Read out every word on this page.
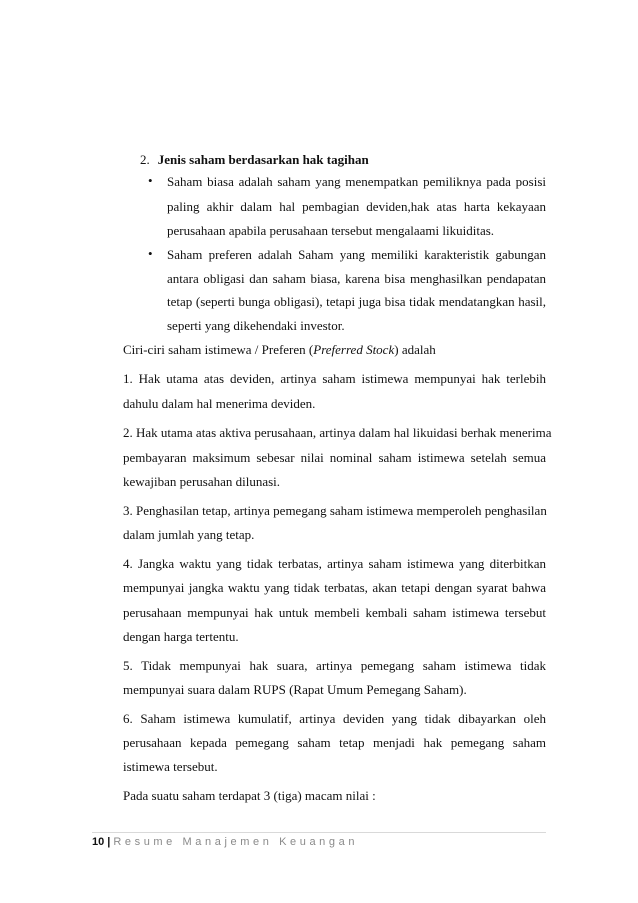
2. Jenis saham berdasarkan hak tagihan
• Saham biasa adalah saham yang menempatkan pemiliknya pada posisi
paling akhir dalam hal pembagian deviden,hak atas harta kekayaan
perusahaan apabila perusahaan tersebut mengalaami likuiditas.
• Saham preferen adalah Saham yang memiliki karakteristik gabungan
antara obligasi dan saham biasa, karena bisa menghasilkan pendapatan
tetap (seperti bunga obligasi), tetapi juga bisa tidak mendatangkan hasil,
seperti yang dikehendaki investor.
Ciri-ciri saham istimewa / Preferen (Preferred Stock) adalah
1. Hak utama atas deviden, artinya saham istimewa mempunyai hak terlebih
dahulu dalam hal menerima deviden.
2. Hak utama atas aktiva perusahaan, artinya dalam hal likuidasi berhak menerima
pembayaran maksimum sebesar nilai nominal saham istimewa setelah semua
kewajiban perusahan dilunasi.
3. Penghasilan tetap, artinya pemegang saham istimewa memperoleh penghasilan
dalam jumlah yang tetap.
4. Jangka waktu yang tidak terbatas, artinya saham istimewa yang diterbitkan
mempunyai jangka waktu yang tidak terbatas, akan tetapi dengan syarat bahwa
perusahaan mempunyai hak untuk membeli kembali saham istimewa tersebut
dengan harga tertentu.
5. Tidak mempunyai hak suara, artinya pemegang saham istimewa tidak
mempunyai suara dalam RUPS (Rapat Umum Pemegang Saham).
6. Saham istimewa kumulatif, artinya deviden yang tidak dibayarkan oleh
perusahaan kepada pemegang saham tetap menjadi hak pemegang saham
istimewa tersebut.
Pada suatu saham terdapat 3 (tiga) macam nilai :
10 | Resume Manajemen Keuangan
